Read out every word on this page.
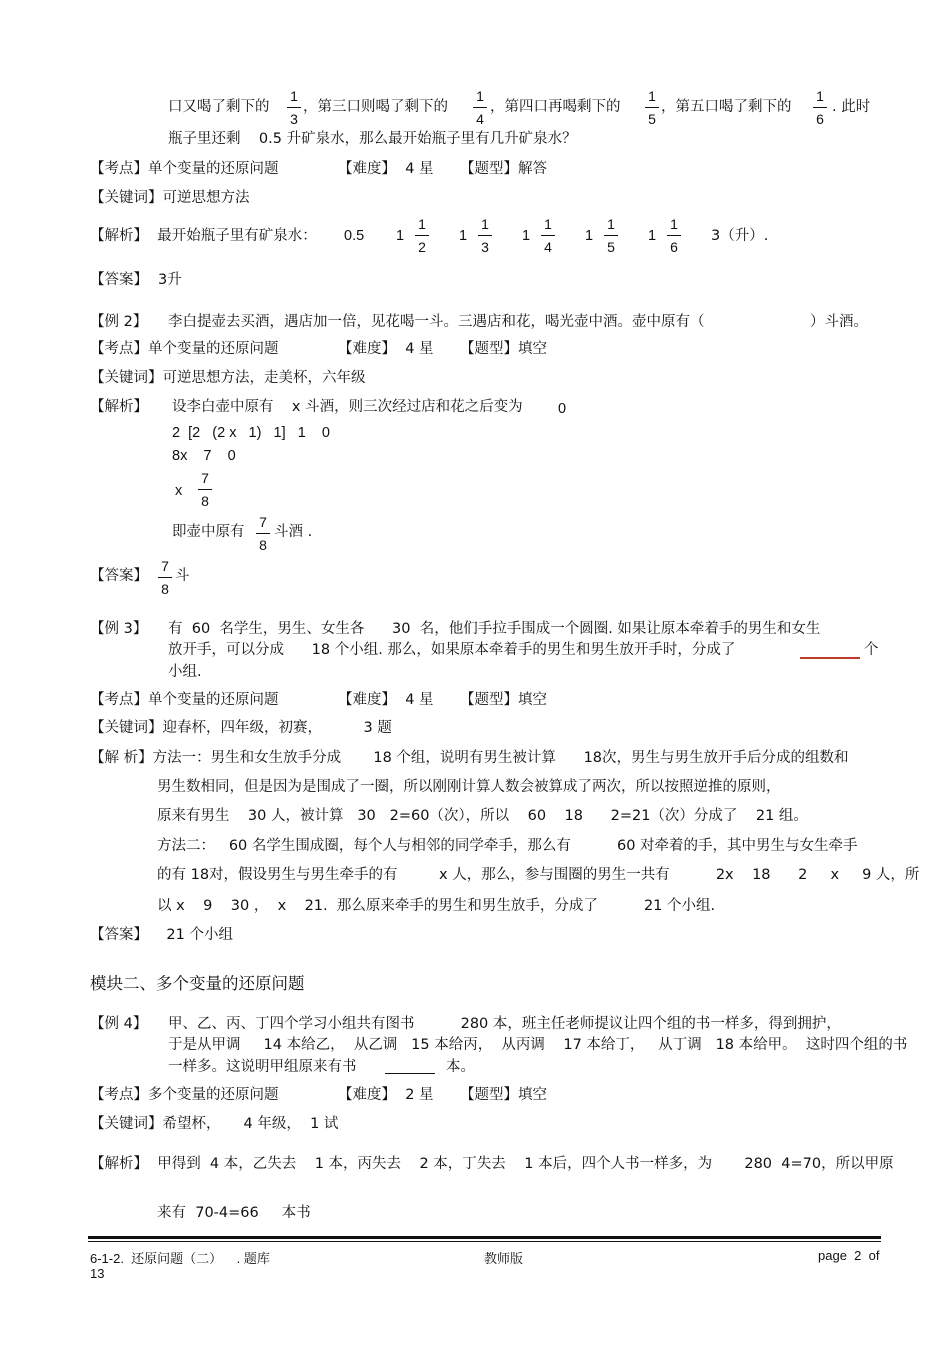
口又喝了剩下的
1
3
，第三口则喝了剩下的
1
4
，第四口再喝剩下的
1
5
，第五口喝了剩下的
1
6
. 此时
瓶子里还剩    0.5 升矿泉水，那么最开始瓶子里有几升矿泉水？
【考点】单个变量的还原问题	【难度】  4 星 【题型】解答
【关键词】可逆思想方法
【解析】  最开始瓶子里有矿泉水： 0.5 1
1
2
1
1
3
1
1
4
1
1
5
1
1
6
3（升）.
【答案】 3升
【例 2】 李白提壶去买酒，遇店加一倍，见花喝一斗。三遇店和花，喝光壶中酒。壶中原有（	）斗酒。
【考点】单个变量的还原问题	【难度】  4 星 【题型】填空
【关键词】可逆思想方法，走美杯，六年级
【解析】 设李白壶中原有    x 斗酒，则三次经过店和花之后变为 0
2  [2   (2 x   1)   1]   1    0
8x    7    0
x
7
8
即壶中原有
7
8
斗酒 .
【答案】
7
8
斗
【例 3】 有  60  名学生，男生、女生各      30  名，他们手拉手围成一个圆圈. 如果让原本牵着手的男生和女生
放开手，可以分成      18 个小组. 那么，如果原本牵着手的男生和男生放开手时，分成了	个
小组.
【考点】单个变量的还原问题	【难度】  4 星 【题型】填空
【关键词】迎春杯，四年级，初赛，         3 题
【解 析】方法一：男生和女生放手分成       18 个组，说明有男生被计算      18次，男生与男生放开手后分成的组数和
男生数相同，但是因为是围成了一圈，所以刚刚计算人数会被算成了两次，所以按照逆推的原则，
原来有男生    30 人，被计算   30   2=60（次），所以    60    18      2=21（次）分成了    21 组。
方法二：   60 名学生围成圈，每个人与相邻的同学牵手，那么有          60 对牵着的手，其中男生与女生牵手
的有 18对，假设男生与男生牵手的有         x 人，那么，参与围圈的男生一共有          2x    18      2     x     9 人，所
以 x    9    30 ，  x    21.  那么原来牵手的男生和男生放手，分成了          21 个小组.
【答案】    21 个小组
模块二、多个变量的还原问题
【例 4】 甲、乙、丙、丁四个学习小组共有图书          280 本，班主任老师提议让四个组的书一样多，得到拥护，
于是从甲调     14 本给乙，  从乙调   15 本给丙，  从丙调    17 本给丁，   从丁调   18 本给甲。  这时四个组的书
一样多。这说明甲组原来有书	本。
【考点】多个变量的还原问题	【难度】  2 星 【题型】填空
【关键词】希望杯，     4 年级，  1 试
【解析】  甲得到  4 本，乙失去    1 本，丙失去    2 本，丁失去    1 本后，四个人书一样多，为       280  4=70，所以甲原
来有  70-4=66     本书
6-1-2.  还原问题（二）    . 题库	教师版	page  2  of
13
